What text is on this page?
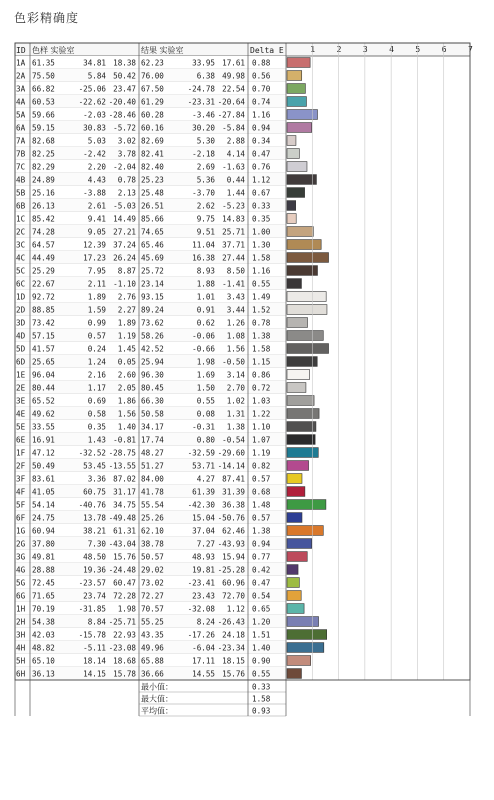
色彩精确度
ID 色样 实验室	结果 实验室	Delta E	1	2	3	4	5	6	7
1A 61.35	34.81 18.38 62.23	33.95 17.61 0.88
2A 75.50	5.84 50.42 76.00	6.38 49.98 0.56
3A 66.82	-25.06 23.47 67.50	-24.78 22.54 0.70
4A 60.53	-22.62 -20.40 61.29	-23.31 -20.64 0.74
5A 59.66	-2.03 -28.46 60.28	-3.46 -27.84 1.16
6A 59.15	30.83 -5.72 60.16	30.20 -5.84 0.94
7A 82.68	5.03 3.02 82.69	5.30 2.88 0.34
7B 82.25	-2.42 3.78 82.41	-2.18 4.14 0.47
7C 82.29	2.20 -2.04 82.40	2.69 -1.63 0.76
4B 24.89	4.43 0.78 25.23	5.36 0.44 1.12
5B 25.16	-3.88 2.13 25.48	-3.70 1.44 0.67
6B 26.13	2.61 -5.03 26.51	2.62 -5.23 0.33
1C 85.42	9.41 14.49 85.66	9.75 14.83 0.35
2C 74.28	9.05 27.21 74.65	9.51 25.71 1.00
3C 64.57	12.39 37.24 65.46	11.04 37.71 1.30
4C 44.49	17.23 26.24 45.69	16.38 27.44 1.58
5C 25.29	7.95 8.87 25.72	8.93 8.50 1.16
6C 22.67	2.11 -1.10 23.14	1.88 -1.41 0.55
1D 92.72	1.89 2.76 93.15	1.01 3.43 1.49
2D 88.85	1.59 2.27 89.24	0.91 3.44 1.52
3D 73.42	0.99 1.89 73.62	0.62 1.26 0.78
4D 57.15	0.57 1.19 58.26	-0.06 1.08 1.38
5D 41.57	0.24 1.45 42.52	-0.66 1.56 1.58
6D 25.65	1.24 0.05 25.94	1.98 -0.50 1.15
1E 96.04	2.16 2.60 96.30	1.69 3.14 0.86
2E 80.44	1.17 2.05 80.45	1.50 2.70 0.72
3E 65.52	0.69 1.86 66.30	0.55 1.02 1.03
4E 49.62	0.58 1.56 50.58	0.08 1.31 1.22
5E 33.55	0.35 1.40 34.17	-0.31 1.38 1.10
6E 16.91	1.43 -0.81 17.74	0.80 -0.54 1.07
1F 47.12	-32.52 -28.75 48.27	-32.59 -29.60 1.19
2F 50.49	53.45 -13.55 51.27	53.71 -14.14 0.82
3F 83.61	3.36 87.02 84.00	4.27 87.41 0.57
4F 41.05	60.75 31.17 41.78	61.39 31.39 0.68
5F 54.14	-40.76 34.75 55.54	-42.30 36.38 1.48
6F 24.75	13.78 -49.48 25.26	15.04 -50.76 0.57
1G 60.94	38.21 61.31 62.10	37.04 62.46 1.38
2G 37.80	7.30 -43.04 38.78	7.27 -43.93 0.94
3G 49.81	48.50 15.76 50.57	48.93 15.94 0.77
4G 28.88	19.36 -24.48 29.02	19.81 -25.28 0.42
5G 72.45	-23.57 60.47 73.02	-23.41 60.96 0.47
6G 71.65	23.74 72.28 72.27	23.43 72.70 0.54
1H 70.19	-31.85 1.98 70.57	-32.08 1.12 0.65
2H 54.38	8.84 -25.71 55.25	8.24 -26.43 1.20
3H 42.03	-15.78 22.93 43.35	-17.26 24.18 1.51
4H 48.82	-5.11 -23.08 49.96	-6.04 -23.34 1.40
5H 65.10	18.14 18.68 65.88	17.11 18.15 0.90
6H 36.13	14.15 15.78 36.66	14.55 15.76 0.55
最小值：	0.33
最大值：	1.58
平均值：	0.93
